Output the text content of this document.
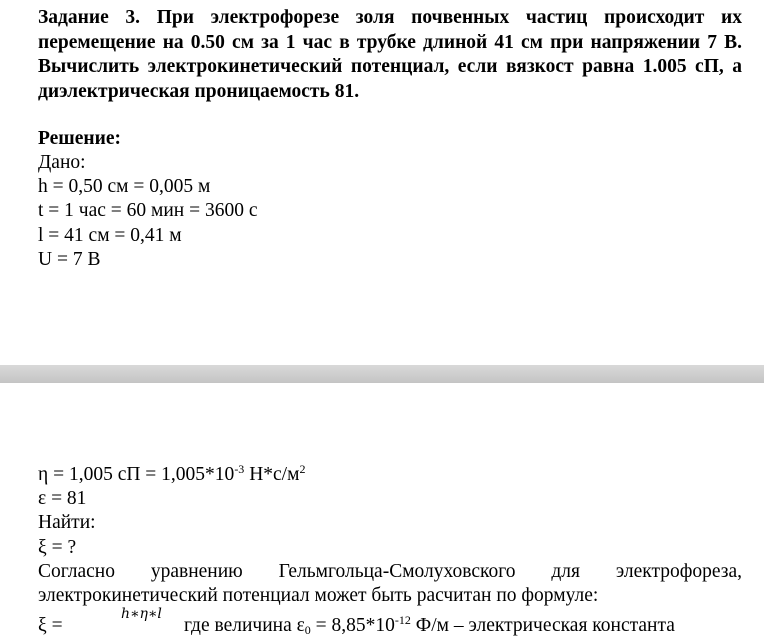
Задание 3. При электрофорезе золя почвенных частиц происходит их перемещение на 0.50 см за 1 час в трубке длиной 41 см при напряжении 7 В. Вычислить электрокинетический потенциал, если вязкост равна 1.005 сП, а диэлектрическая проницаемость 81.
Решение:
Дано:
h = 0,50 см = 0,005 м
t = 1 час = 60 мин = 3600 с
l = 41 см = 0,41 м
U = 7 В
η = 1,005 сП = $1,005*10^{-3}$ $Н*с/м^2$
ε = 81
Найти:
ξ = ?
Согласно уравнению Гельмгольца-Смолуховского для электрофореза,
электрокинетический потенциал может быть расчитан по формуле:
ξ =
h∗η∗l
где величина $\varepsilon_0 = 8,85*10^{-12}$ Ф/м – электрическая константа
